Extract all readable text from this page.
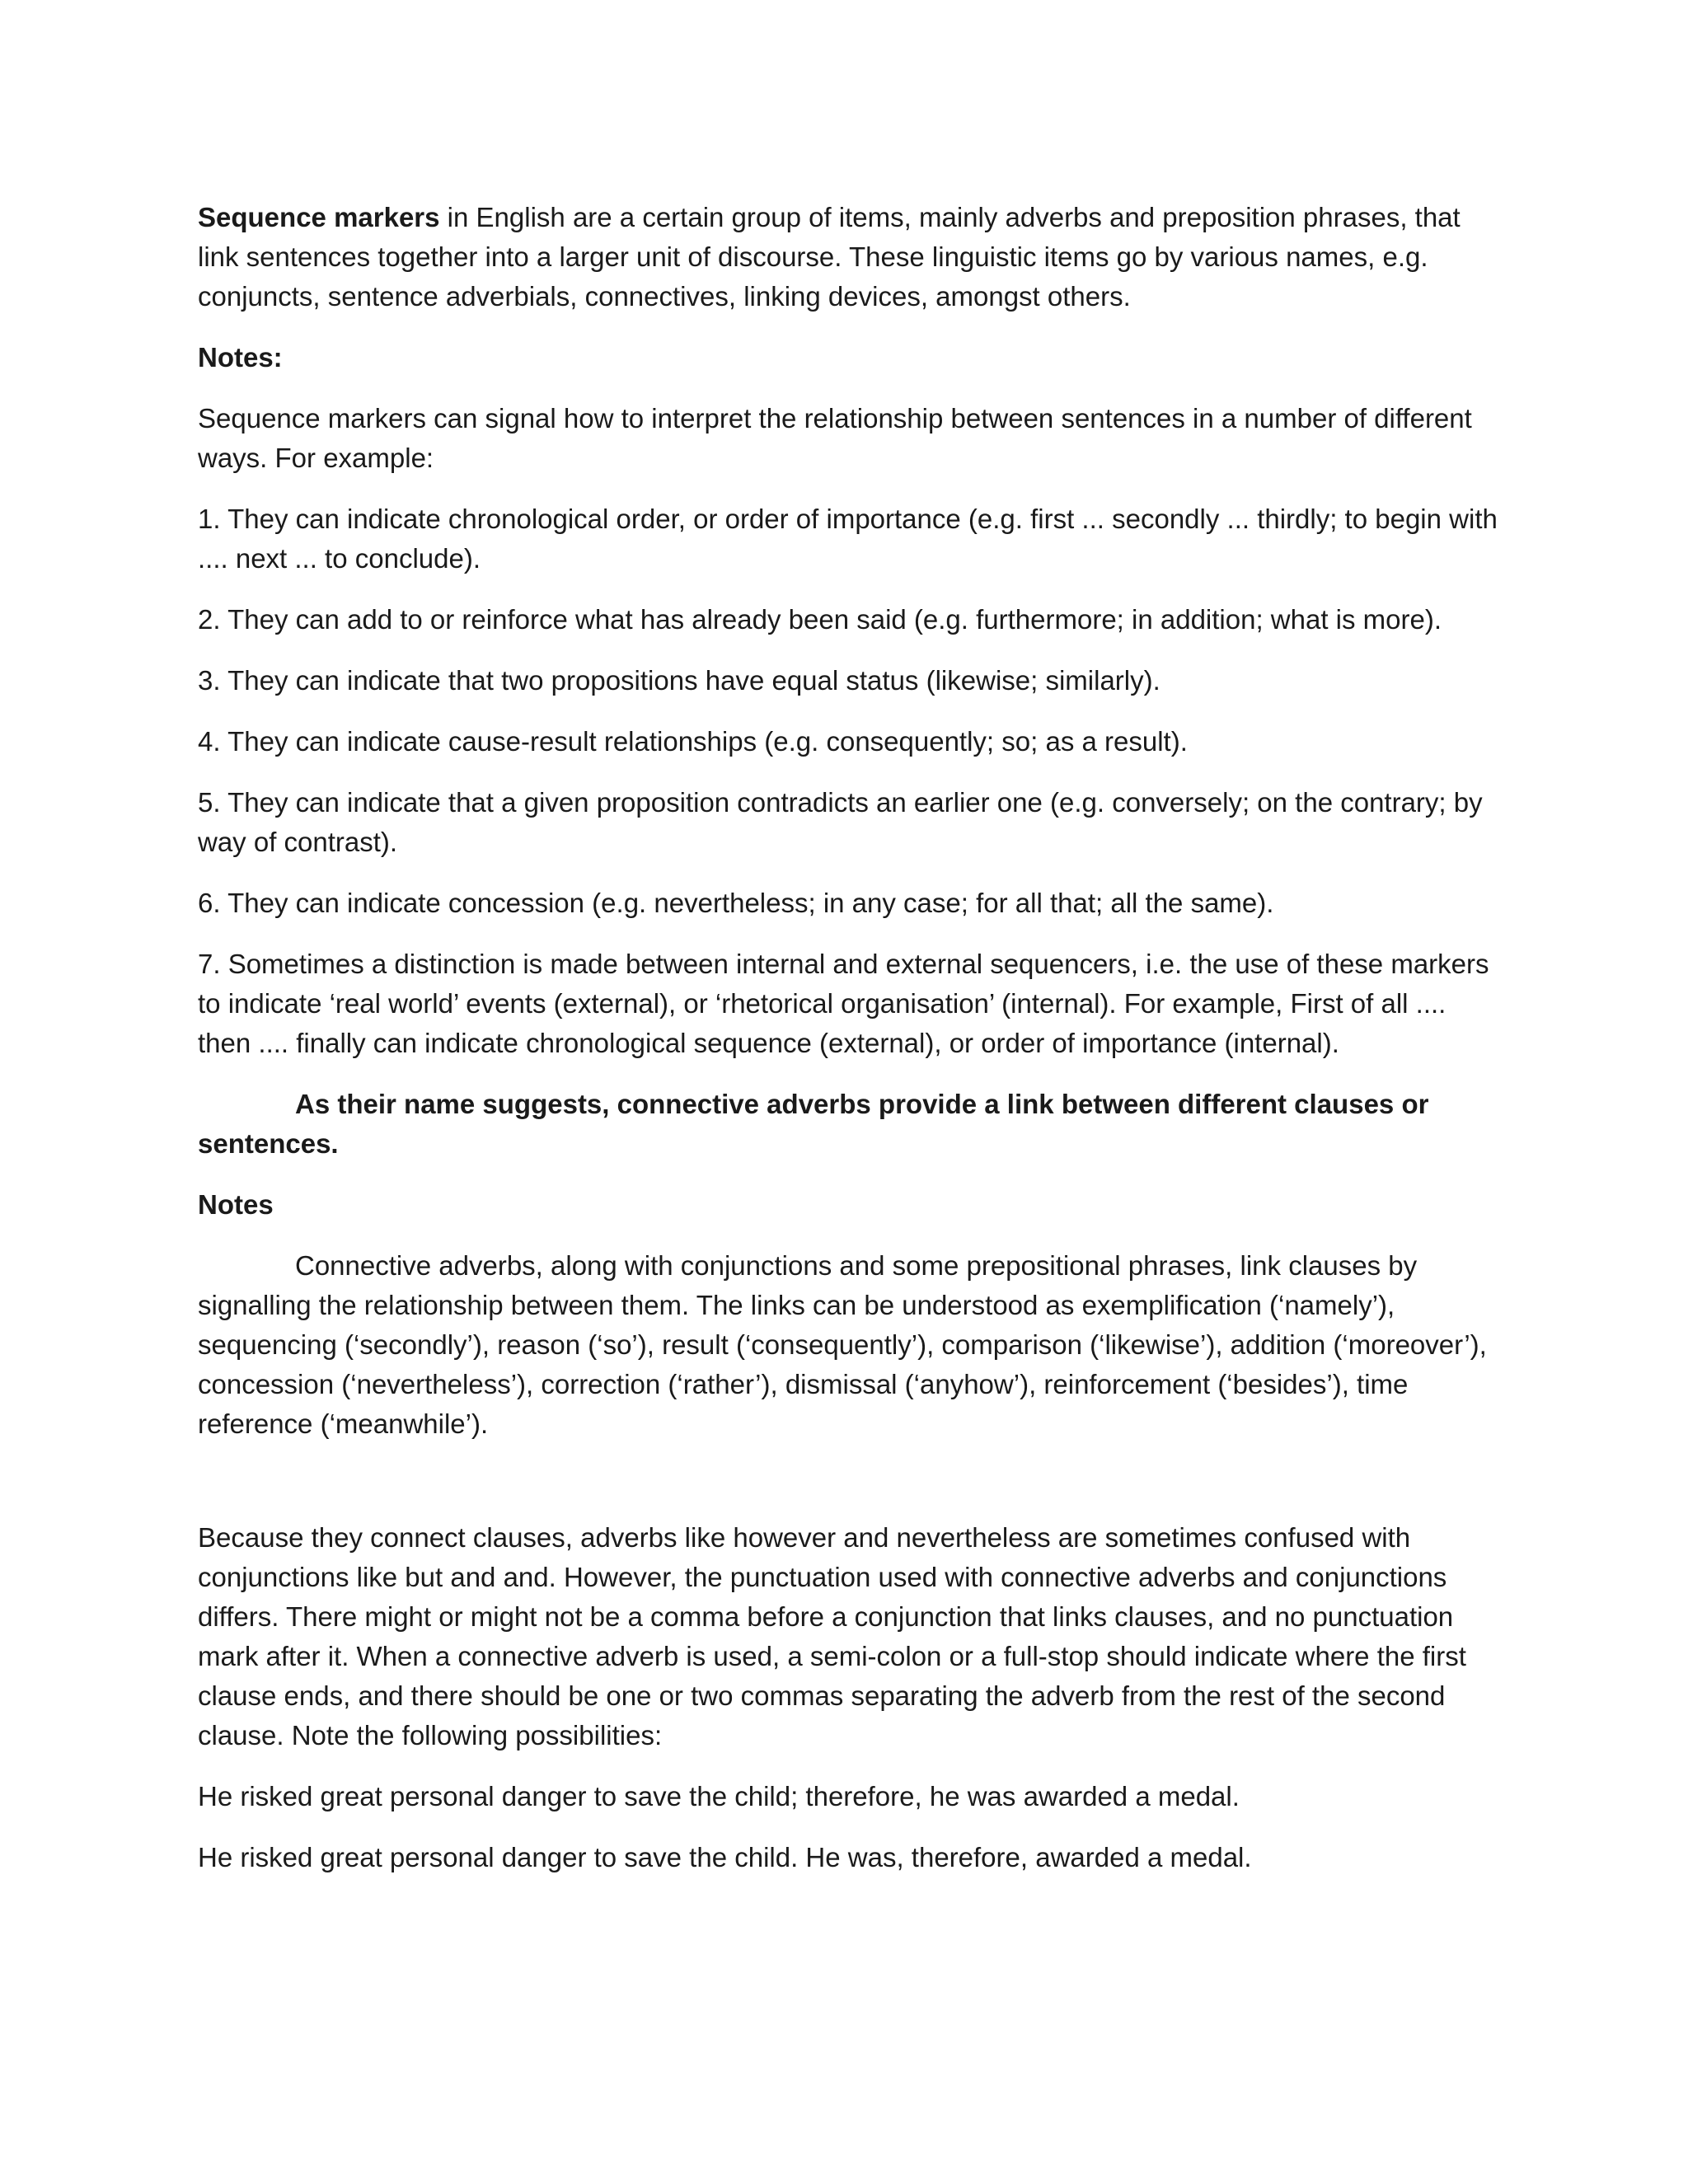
Sequence markers in English are a certain group of items, mainly adverbs and preposition phrases, that link sentences together into a larger unit of discourse. These linguistic items go by various names, e.g. conjuncts, sentence adverbials, connectives, linking devices, amongst others.

Notes:

Sequence markers can signal how to interpret the relationship between sentences in a number of different ways. For example:

1. They can indicate chronological order, or order of importance (e.g. first ... secondly ... thirdly; to begin with .... next ... to conclude).

2. They can add to or reinforce what has already been said (e.g. furthermore; in addition; what is more).

3. They can indicate that two propositions have equal status (likewise; similarly).

4. They can indicate cause-result relationships (e.g. consequently; so; as a result).

5. They can indicate that a given proposition contradicts an earlier one (e.g. conversely; on the contrary; by way of contrast).

6. They can indicate concession (e.g. nevertheless; in any case; for all that; all the same).

7. Sometimes a distinction is made between internal and external sequencers, i.e. the use of these markers to indicate ‘real world’ events (external), or ‘rhetorical organisation’ (internal). For example, First of all .... then .... finally can indicate chronological sequence (external), or order of importance (internal).

As their name suggests, connective adverbs provide a link between different clauses or sentences.

Notes

Connective adverbs, along with conjunctions and some prepositional phrases, link clauses by signalling the relationship between them. The links can be understood as exemplification (‘namely’), sequencing (‘secondly’), reason (‘so’), result (‘consequently’), comparison (‘likewise’), addition (‘moreover’), concession (‘nevertheless’), correction (‘rather’), dismissal (‘anyhow’), reinforcement (‘besides’), time reference (‘meanwhile’).

Because they connect clauses, adverbs like however and nevertheless are sometimes confused with conjunctions like but and and. However, the punctuation used with connective adverbs and conjunctions differs. There might or might not be a comma before a conjunction that links clauses, and no punctuation mark after it. When a connective adverb is used, a semi-colon or a full-stop should indicate where the first clause ends, and there should be one or two commas separating the adverb from the rest of the second clause. Note the following possibilities:

He risked great personal danger to save the child; therefore, he was awarded a medal.

He risked great personal danger to save the child. He was, therefore, awarded a medal.
